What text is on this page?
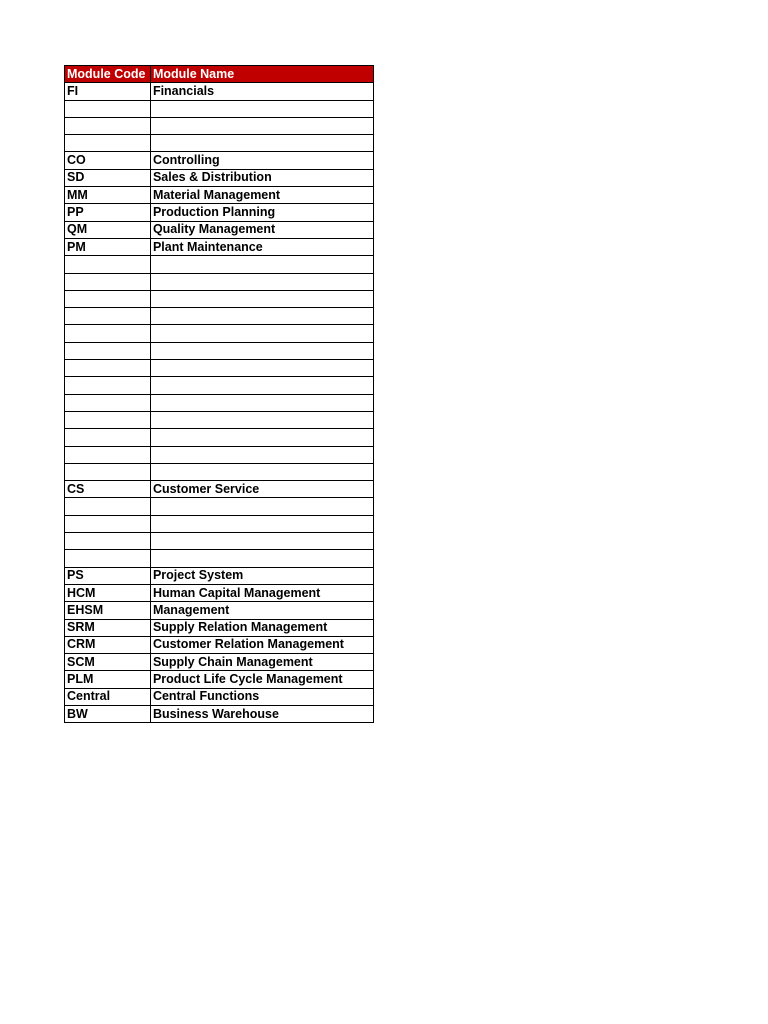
Module Code	Module Name
FI	Financials

CO	Controlling
SD	Sales & Distribution
MM	Material Management
PP	Production Planning
QM	Quality Management
PM	Plant Maintenance

CS	Customer Service

PS	Project System
HCM	Human Capital Management
EHSM	Management
SRM	Supply Relation Management
CRM	Customer Relation Management
SCM	Supply Chain Management
PLM	Product Life Cycle Management
Central	Central Functions
BW	Business Warehouse
